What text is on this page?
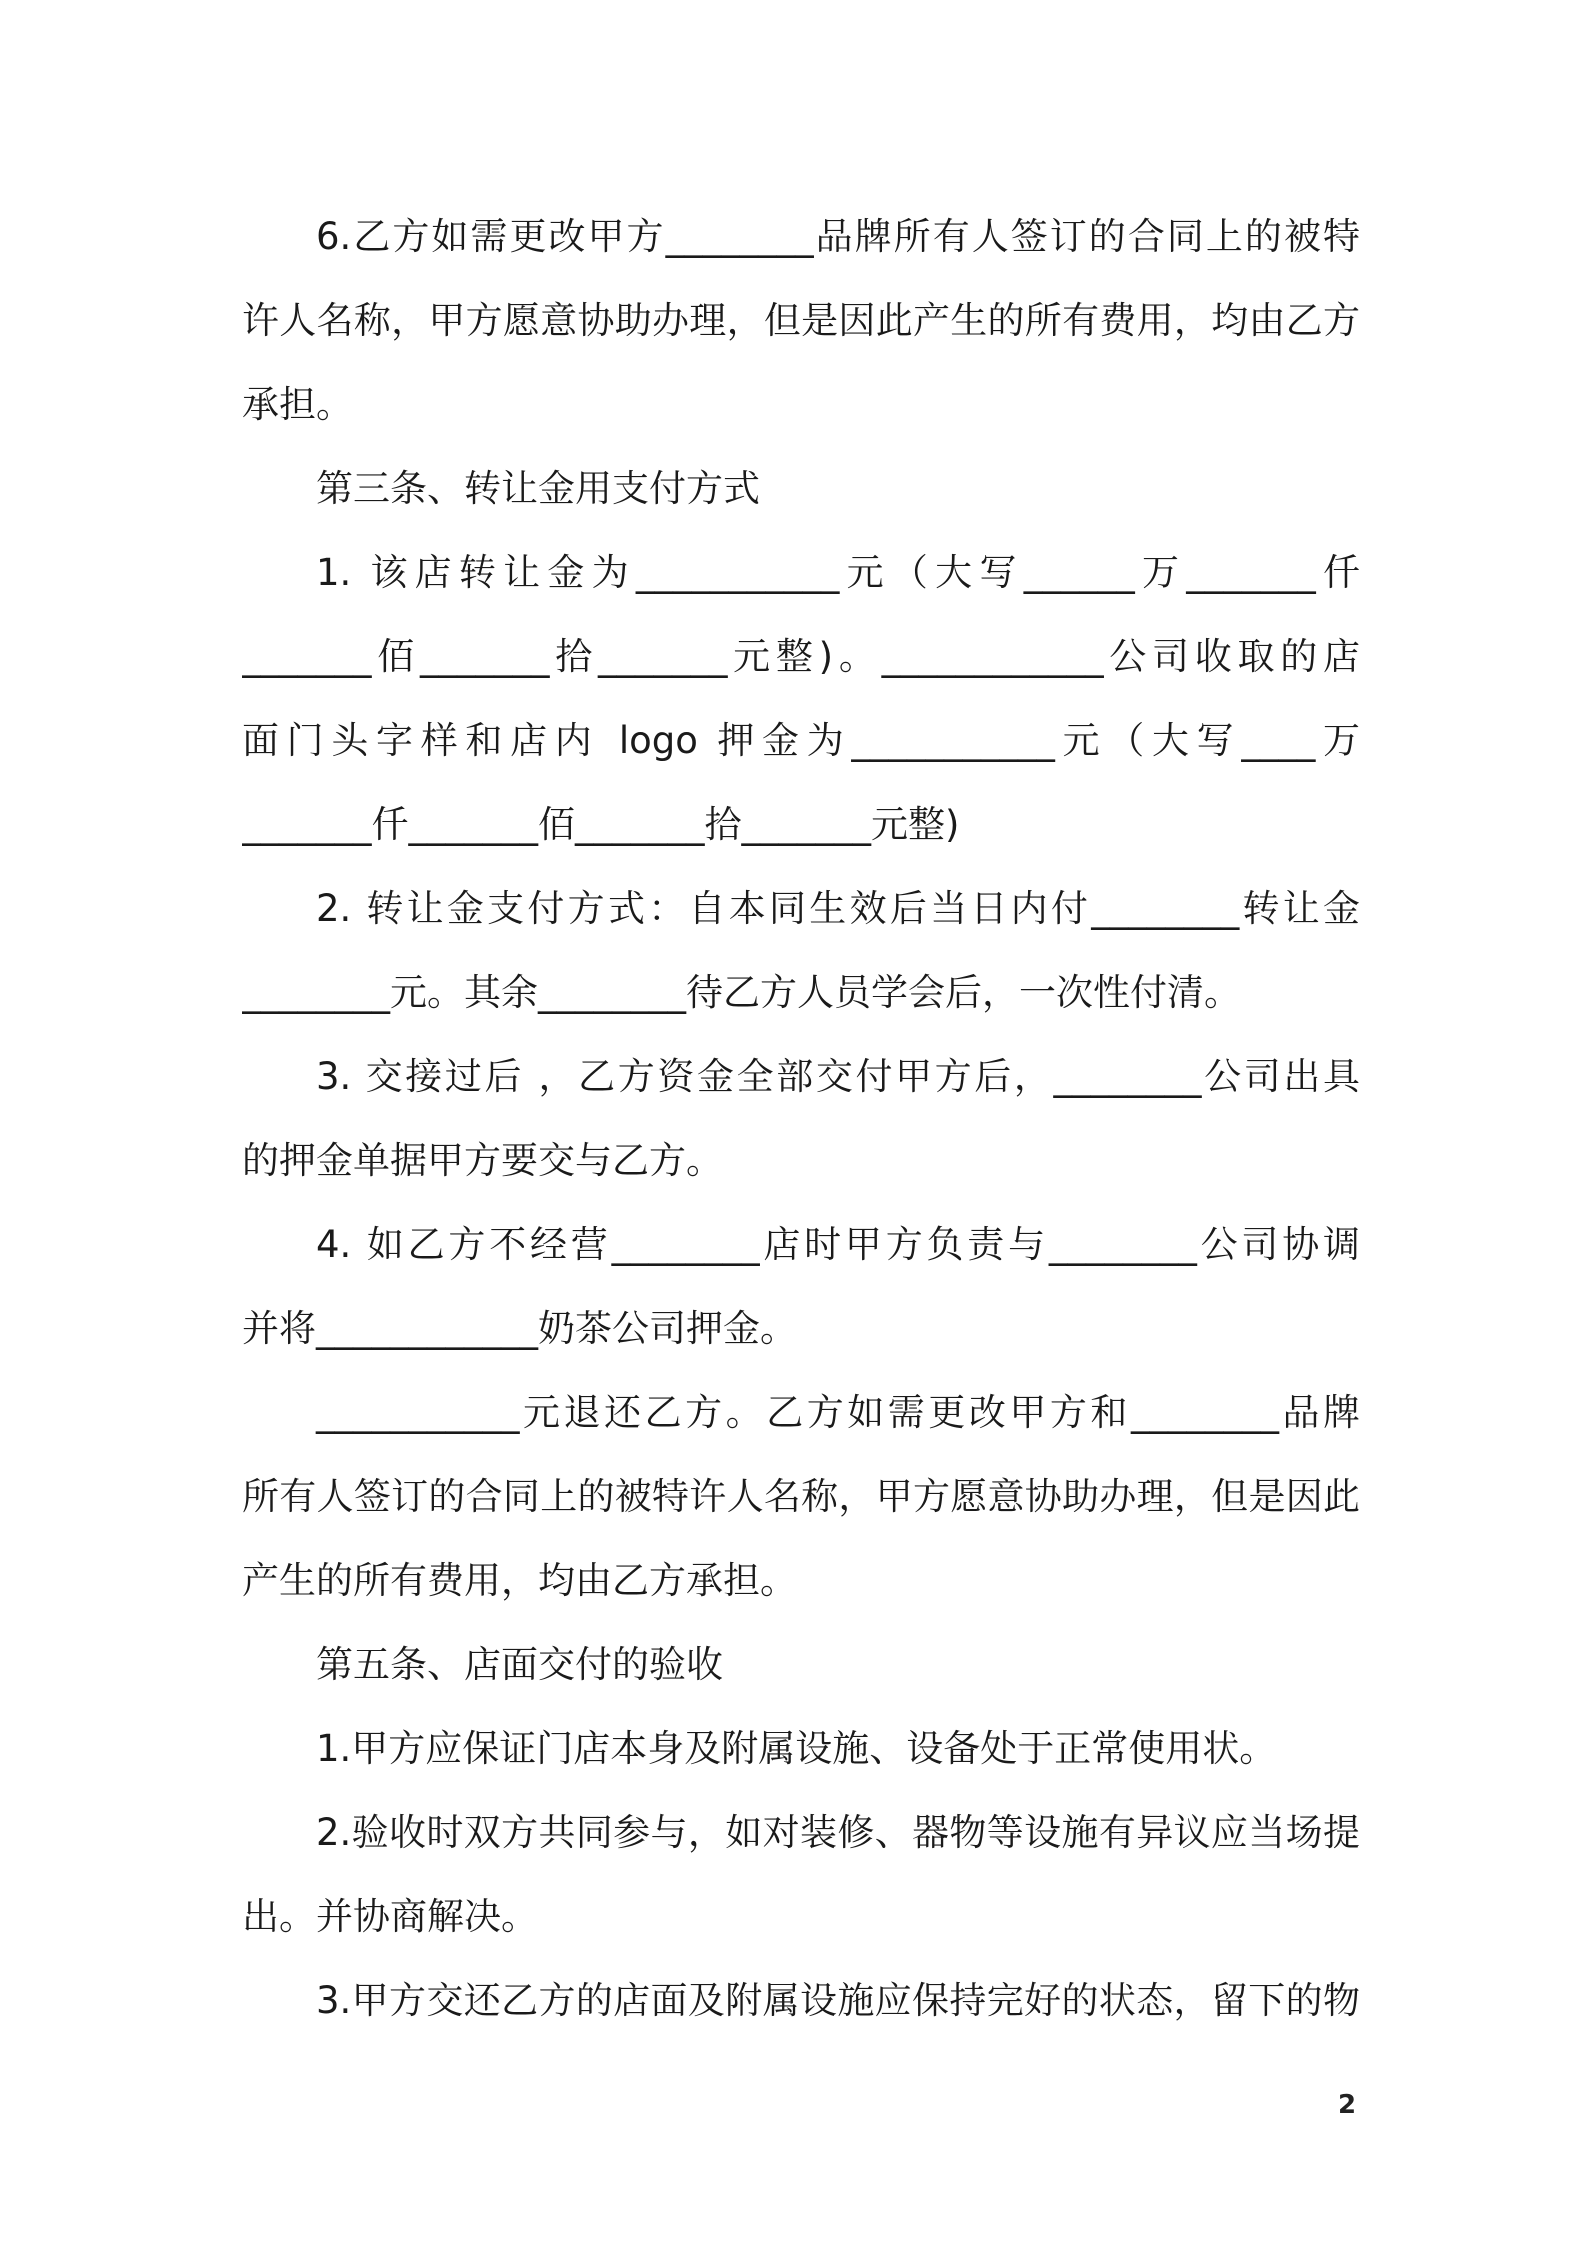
6.乙方如需更改甲方________品牌所有人签订的合同上的被特
许人名称，甲方愿意协助办理，但是因此产生的所有费用，均由乙方
承担。
第三条、转让金用支付方式
1. 该店转让金为___________元（大写______万_______仟
_______佰_______拾_______元整)。____________公司收取的店
面门头字样和店内 logo 押金为___________元（大写____万
_______仟_______佰_______拾_______元整)
2. 转让金支付方式：自本同生效后当日内付________转让金
________元。其余________待乙方人员学会后，一次性付清。
3. 交接过后 ，乙方资金全部交付甲方后，________公司出具
的押金单据甲方要交与乙方。
4. 如乙方不经营________店时甲方负责与________公司协调
并将____________奶茶公司押金。
___________元退还乙方。乙方如需更改甲方和________品牌
所有人签订的合同上的被特许人名称，甲方愿意协助办理，但是因此
产生的所有费用，均由乙方承担。
第五条、店面交付的验收
1.甲方应保证门店本身及附属设施、设备处于正常使用状。
2.验收时双方共同参与，如对装修、器物等设施有异议应当场提
出。并协商解决。
3.甲方交还乙方的店面及附属设施应保持完好的状态，留下的物
2
